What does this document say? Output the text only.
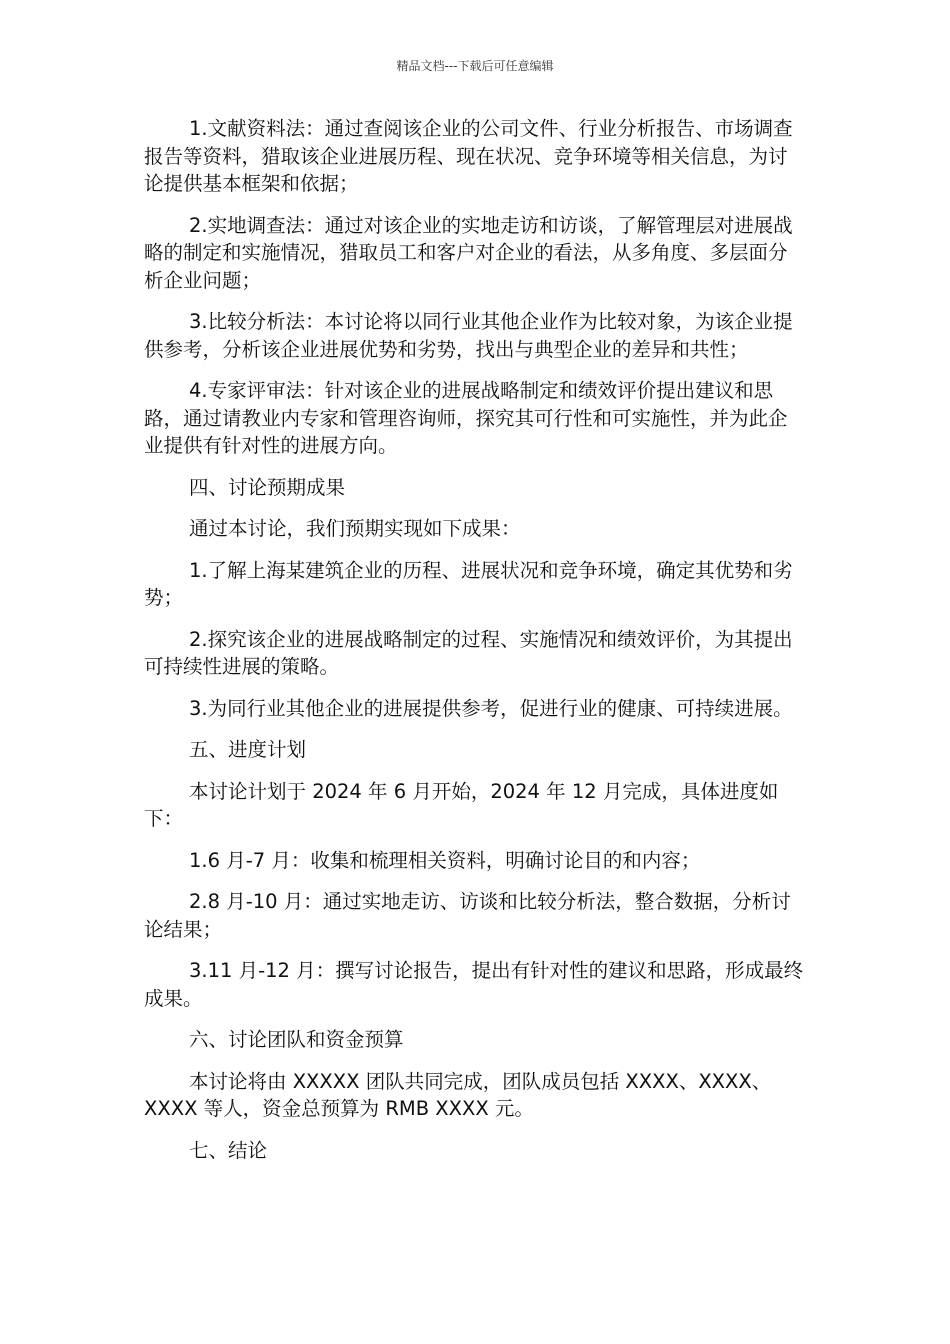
精品文档---下载后可任意编辑

1.文献资料法：通过查阅该企业的公司文件、行业分析报告、市场调查报告等资料，猎取该企业进展历程、现在状况、竞争环境等相关信息，为讨论提供基本框架和依据；

2.实地调查法：通过对该企业的实地走访和访谈，了解管理层对进展战略的制定和实施情况，猎取员工和客户对企业的看法，从多角度、多层面分析企业问题；

3.比较分析法：本讨论将以同行业其他企业作为比较对象，为该企业提供参考，分析该企业进展优势和劣势，找出与典型企业的差异和共性；

4.专家评审法：针对该企业的进展战略制定和绩效评价提出建议和思路，通过请教业内专家和管理咨询师，探究其可行性和可实施性，并为此企业提供有针对性的进展方向。

四、讨论预期成果

通过本讨论，我们预期实现如下成果：

1.了解上海某建筑企业的历程、进展状况和竞争环境，确定其优势和劣势；

2.探究该企业的进展战略制定的过程、实施情况和绩效评价，为其提出可持续性进展的策略。

3.为同行业其他企业的进展提供参考，促进行业的健康、可持续进展。

五、进度计划

本讨论计划于 2024 年 6 月开始，2024 年 12 月完成，具体进度如下：

1.6 月-7 月：收集和梳理相关资料，明确讨论目的和内容；

2.8 月-10 月：通过实地走访、访谈和比较分析法，整合数据，分析讨论结果；

3.11 月-12 月：撰写讨论报告，提出有针对性的建议和思路，形成最终成果。

六、讨论团队和资金预算

本讨论将由 XXXXX 团队共同完成，团队成员包括 XXXX、XXXX、XXXX 等人，资金总预算为 RMB XXXX 元。

七、结论
